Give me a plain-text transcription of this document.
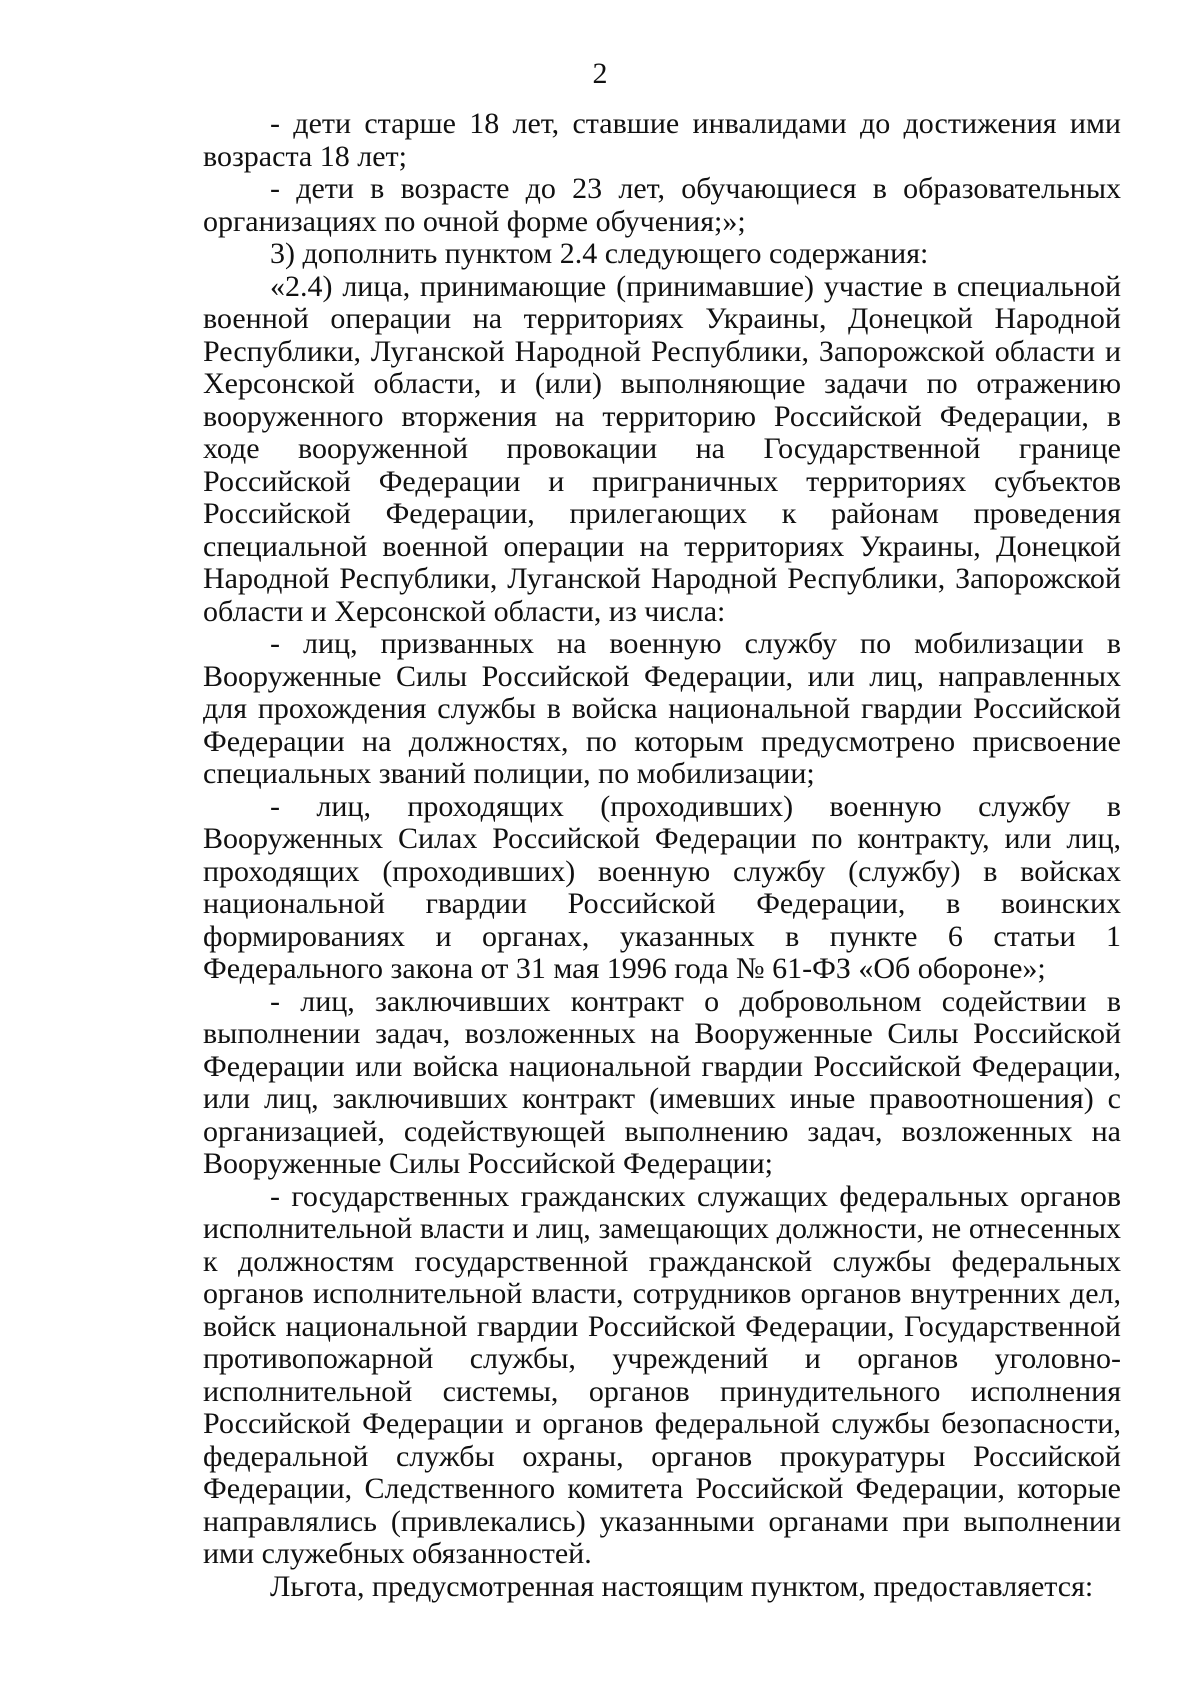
2

- дети старше 18 лет, ставшие инвалидами до достижения ими возраста 18 лет;

- дети в возрасте до 23 лет, обучающиеся в образовательных организациях по очной форме обучения;»;

3) дополнить пунктом 2.4 следующего содержания:

«2.4) лица, принимающие (принимавшие) участие в специальной военной операции на территориях Украины, Донецкой Народной Республики, Луганской Народной Республики, Запорожской области и Херсонской области, и (или) выполняющие задачи по отражению вооруженного вторжения на территорию Российской Федерации, в ходе вооруженной провокации на Государственной границе Российской Федерации и приграничных территориях субъектов Российской Федерации, прилегающих к районам проведения специальной военной операции на территориях Украины, Донецкой Народной Республики, Луганской Народной Республики, Запорожской области и Херсонской области, из числа:

- лиц, призванных на военную службу по мобилизации в Вооруженные Силы Российской Федерации, или лиц, направленных для прохождения службы в войска национальной гвардии Российской Федерации на должностях, по которым предусмотрено присвоение специальных званий полиции, по мобилизации;

- лиц, проходящих (проходивших) военную службу в Вооруженных Силах Российской Федерации по контракту, или лиц, проходящих (проходивших) военную службу (службу) в войсках национальной гвардии Российской Федерации, в воинских формированиях и органах, указанных в пункте 6 статьи 1 Федерального закона от 31 мая 1996 года № 61-ФЗ «Об обороне»;

- лиц, заключивших контракт о добровольном содействии в выполнении задач, возложенных на Вооруженные Силы Российской Федерации или войска национальной гвардии Российской Федерации, или лиц, заключивших контракт (имевших иные правоотношения) с организацией, содействующей выполнению задач, возложенных на Вооруженные Силы Российской Федерации;

- государственных гражданских служащих федеральных органов исполнительной власти и лиц, замещающих должности, не отнесенных к должностям государственной гражданской службы федеральных органов исполнительной власти, сотрудников органов внутренних дел, войск национальной гвардии Российской Федерации, Государственной противопожарной службы, учреждений и органов уголовно-исполнительной системы, органов принудительного исполнения Российской Федерации и органов федеральной службы безопасности, федеральной службы охраны, органов прокуратуры Российской Федерации, Следственного комитета Российской Федерации, которые направлялись (привлекались) указанными органами при выполнении ими служебных обязанностей.

Льгота, предусмотренная настоящим пунктом, предоставляется:
